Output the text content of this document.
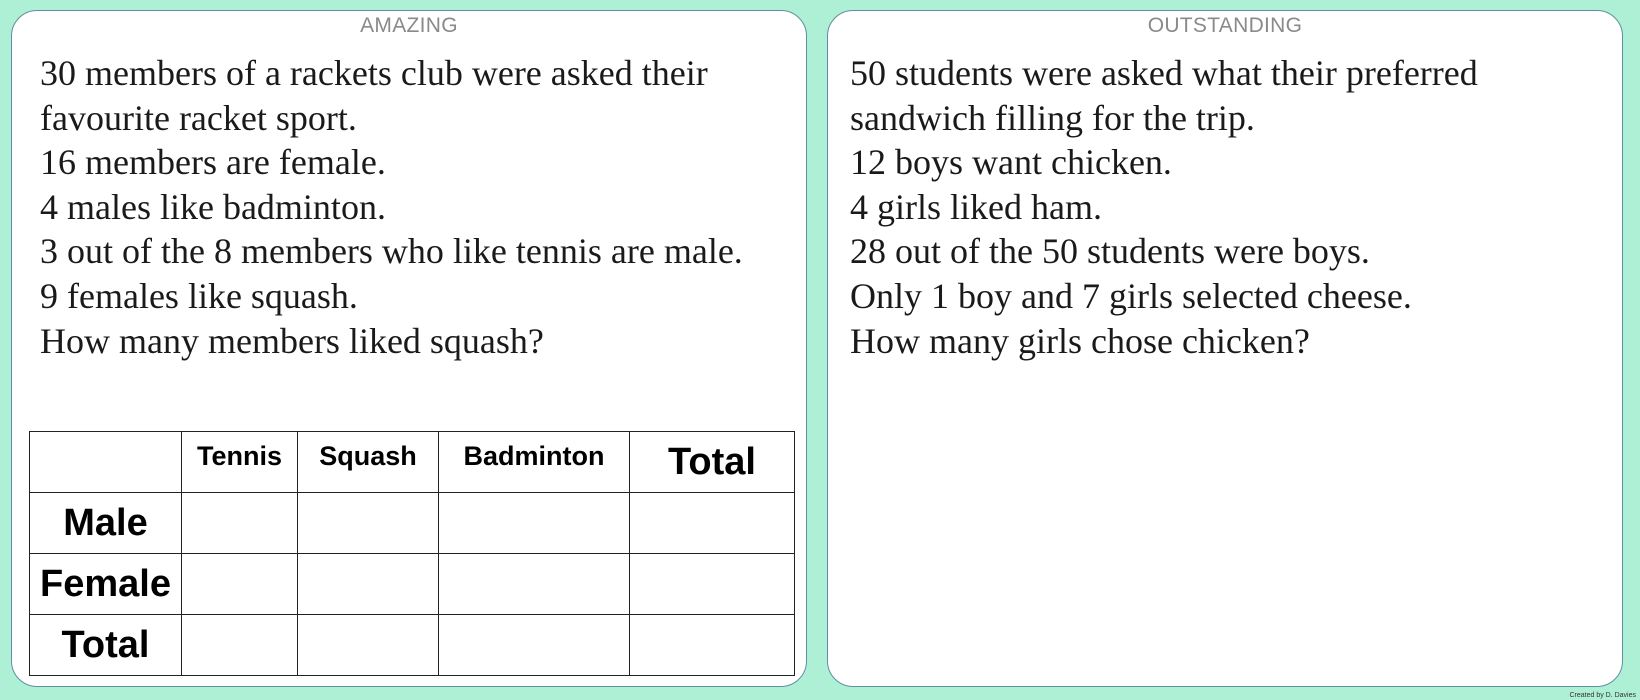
AMAZING
30 members of a rackets club were asked their
favourite racket sport.
16 members are female.
4 males like badminton.
3 out of the 8 members who like tennis are male.
9 females like squash.
How many members liked squash?
	Tennis	Squash	Badminton	Total
Male				
Female				
Total				
OUTSTANDING
50 students were asked what their preferred
sandwich filling for the trip.
12 boys want chicken.
4 girls liked ham.
28 out of the 50 students were boys.
Only 1 boy and 7 girls selected cheese.
How many girls chose chicken?
Created by D. Davies
